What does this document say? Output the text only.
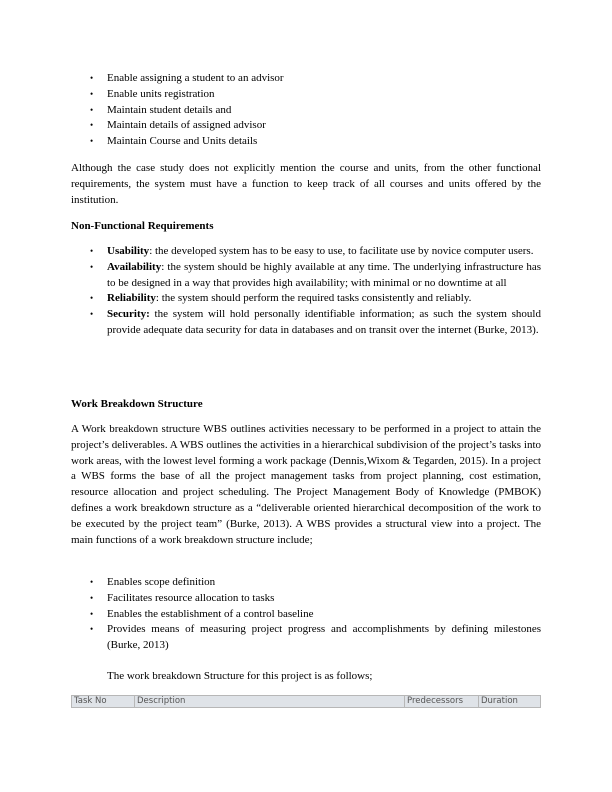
• Enable assigning a student to an advisor
• Enable units registration
• Maintain student details and
• Maintain details of assigned advisor
• Maintain Course and Units details

Although the case study does not explicitly mention the course and units, from the other functional requirements, the system must have a function to keep track of all courses and units offered by the institution.

Non-Functional Requirements

• Usability: the developed system has to be easy to use, to facilitate use by novice computer users.
• Availability: the system should be highly available at any time. The underlying infrastructure has to be designed in a way that provides high availability; with minimal or no downtime at all
• Reliability: the system should perform the required tasks consistently and reliably.
• Security: the system will hold personally identifiable information; as such the system should provide adequate data security for data in databases and on transit over the internet (Burke, 2013).

Work Breakdown Structure

A Work breakdown structure WBS outlines activities necessary to be performed in a project to attain the project’s deliverables. A WBS outlines the activities in a hierarchical subdivision of the project’s tasks into work areas, with the lowest level forming a work package (Dennis,Wixom & Tegarden, 2015). In a project a WBS forms the base of all the project management tasks from project planning, cost estimation, resource allocation and project scheduling. The Project Management Body of Knowledge (PMBOK) defines a work breakdown structure as a “deliverable oriented hierarchical decomposition of the work to be executed by the project team” (Burke, 2013). A WBS provides a structural view into a project. The main functions of a work breakdown structure include;

• Enables scope definition
• Facilitates resource allocation to tasks
• Enables the establishment of a control baseline
• Provides means of measuring project progress and accomplishments by defining milestones (Burke, 2013)

The work breakdown Structure for this project is as follows;

Task No	Description	Predecessors	Duration
